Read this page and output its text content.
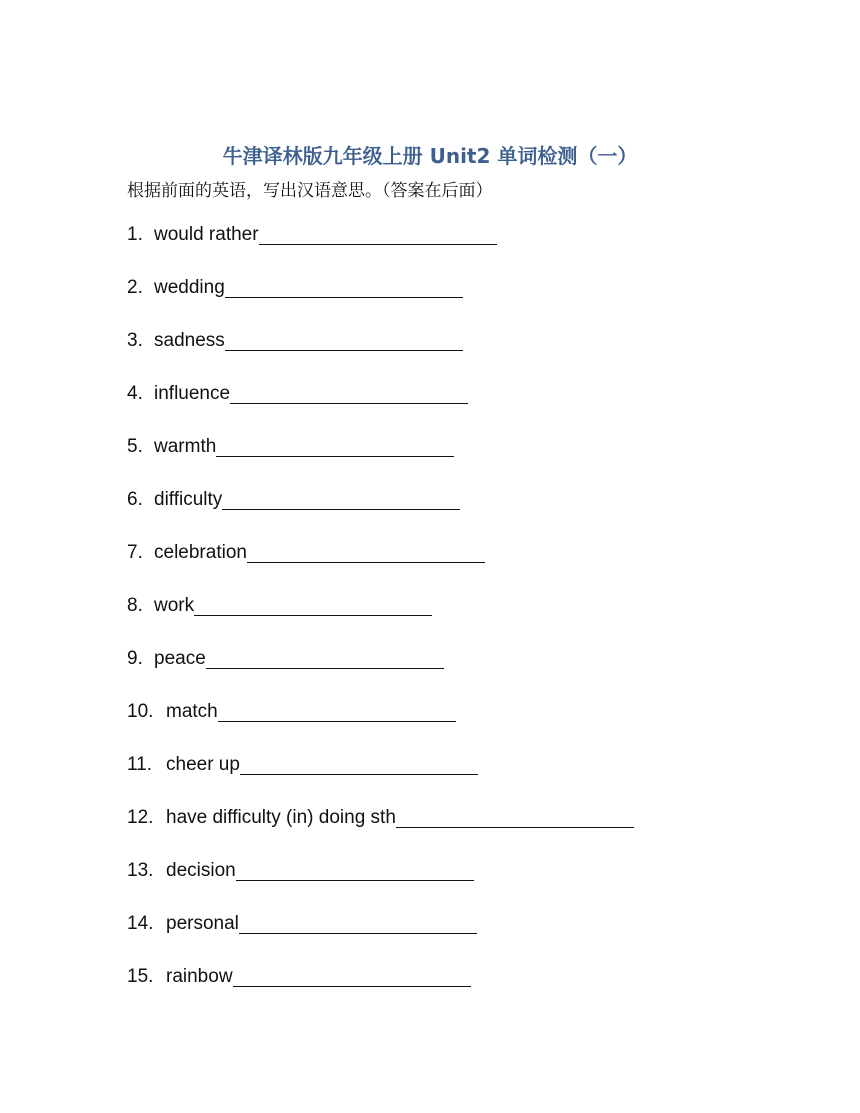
牛津译林版九年级上册 Unit2 单词检测（一）
根据前面的英语，写出汉语意思。（答案在后面）
1. would rather
2. wedding
3. sadness
4. influence
5. warmth
6. difficulty
7. celebration
8. work
9. peace
10. match
11. cheer up
12. have difficulty (in) doing sth
13. decision
14. personal
15. rainbow
